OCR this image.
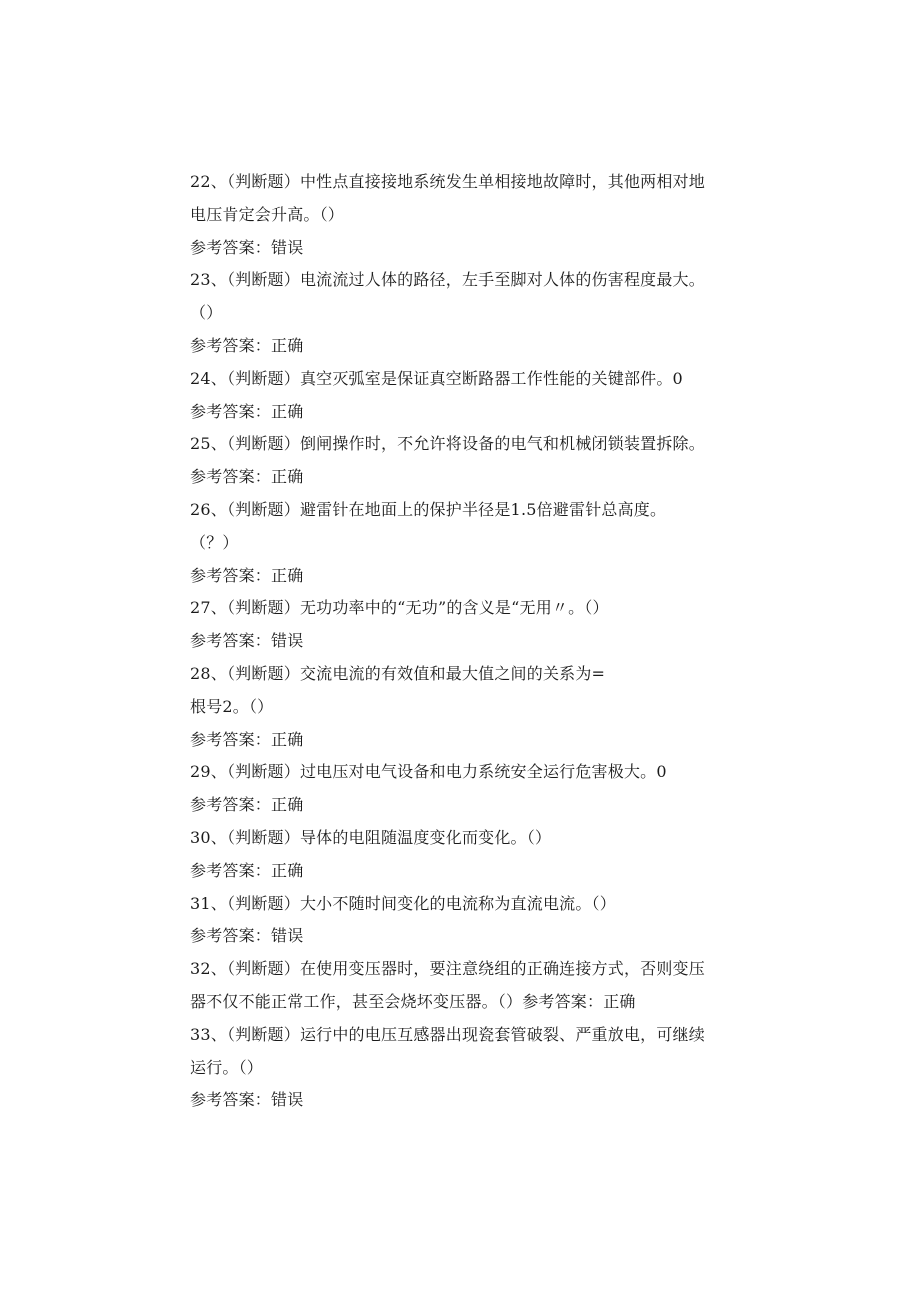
22、（判断题）中性点直接接地系统发生单相接地故障时，其他两相对地
电压肯定会升高。（）
参考答案：错误
23、（判断题）电流流过人体的路径，左手至脚对人体的伤害程度最大。
（）
参考答案：正确
24、（判断题）真空灭弧室是保证真空断路器工作性能的关键部件。0
参考答案：正确
25、（判断题）倒闸操作时，不允许将设备的电气和机械闭锁装置拆除。
参考答案：正确
26、（判断题）避雷针在地面上的保护半径是1.5倍避雷针总高度。
（？）
参考答案：正确
27、（判断题）无功功率中的“无功”的含义是“无用〃。（）
参考答案：错误
28、（判断题）交流电流的有效值和最大值之间的关系为=
根号2。（）
参考答案：正确
29、（判断题）过电压对电气设备和电力系统安全运行危害极大。0
参考答案：正确
30、（判断题）导体的电阻随温度变化而变化。（）
参考答案：正确
31、（判断题）大小不随时间变化的电流称为直流电流。（）
参考答案：错误
32、（判断题）在使用变压器时，要注意绕组的正确连接方式，否则变压
器不仅不能正常工作，甚至会烧坏变压器。（）参考答案：正确
33、（判断题）运行中的电压互感器出现瓷套管破裂、严重放电，可继续
运行。（）
参考答案：错误
